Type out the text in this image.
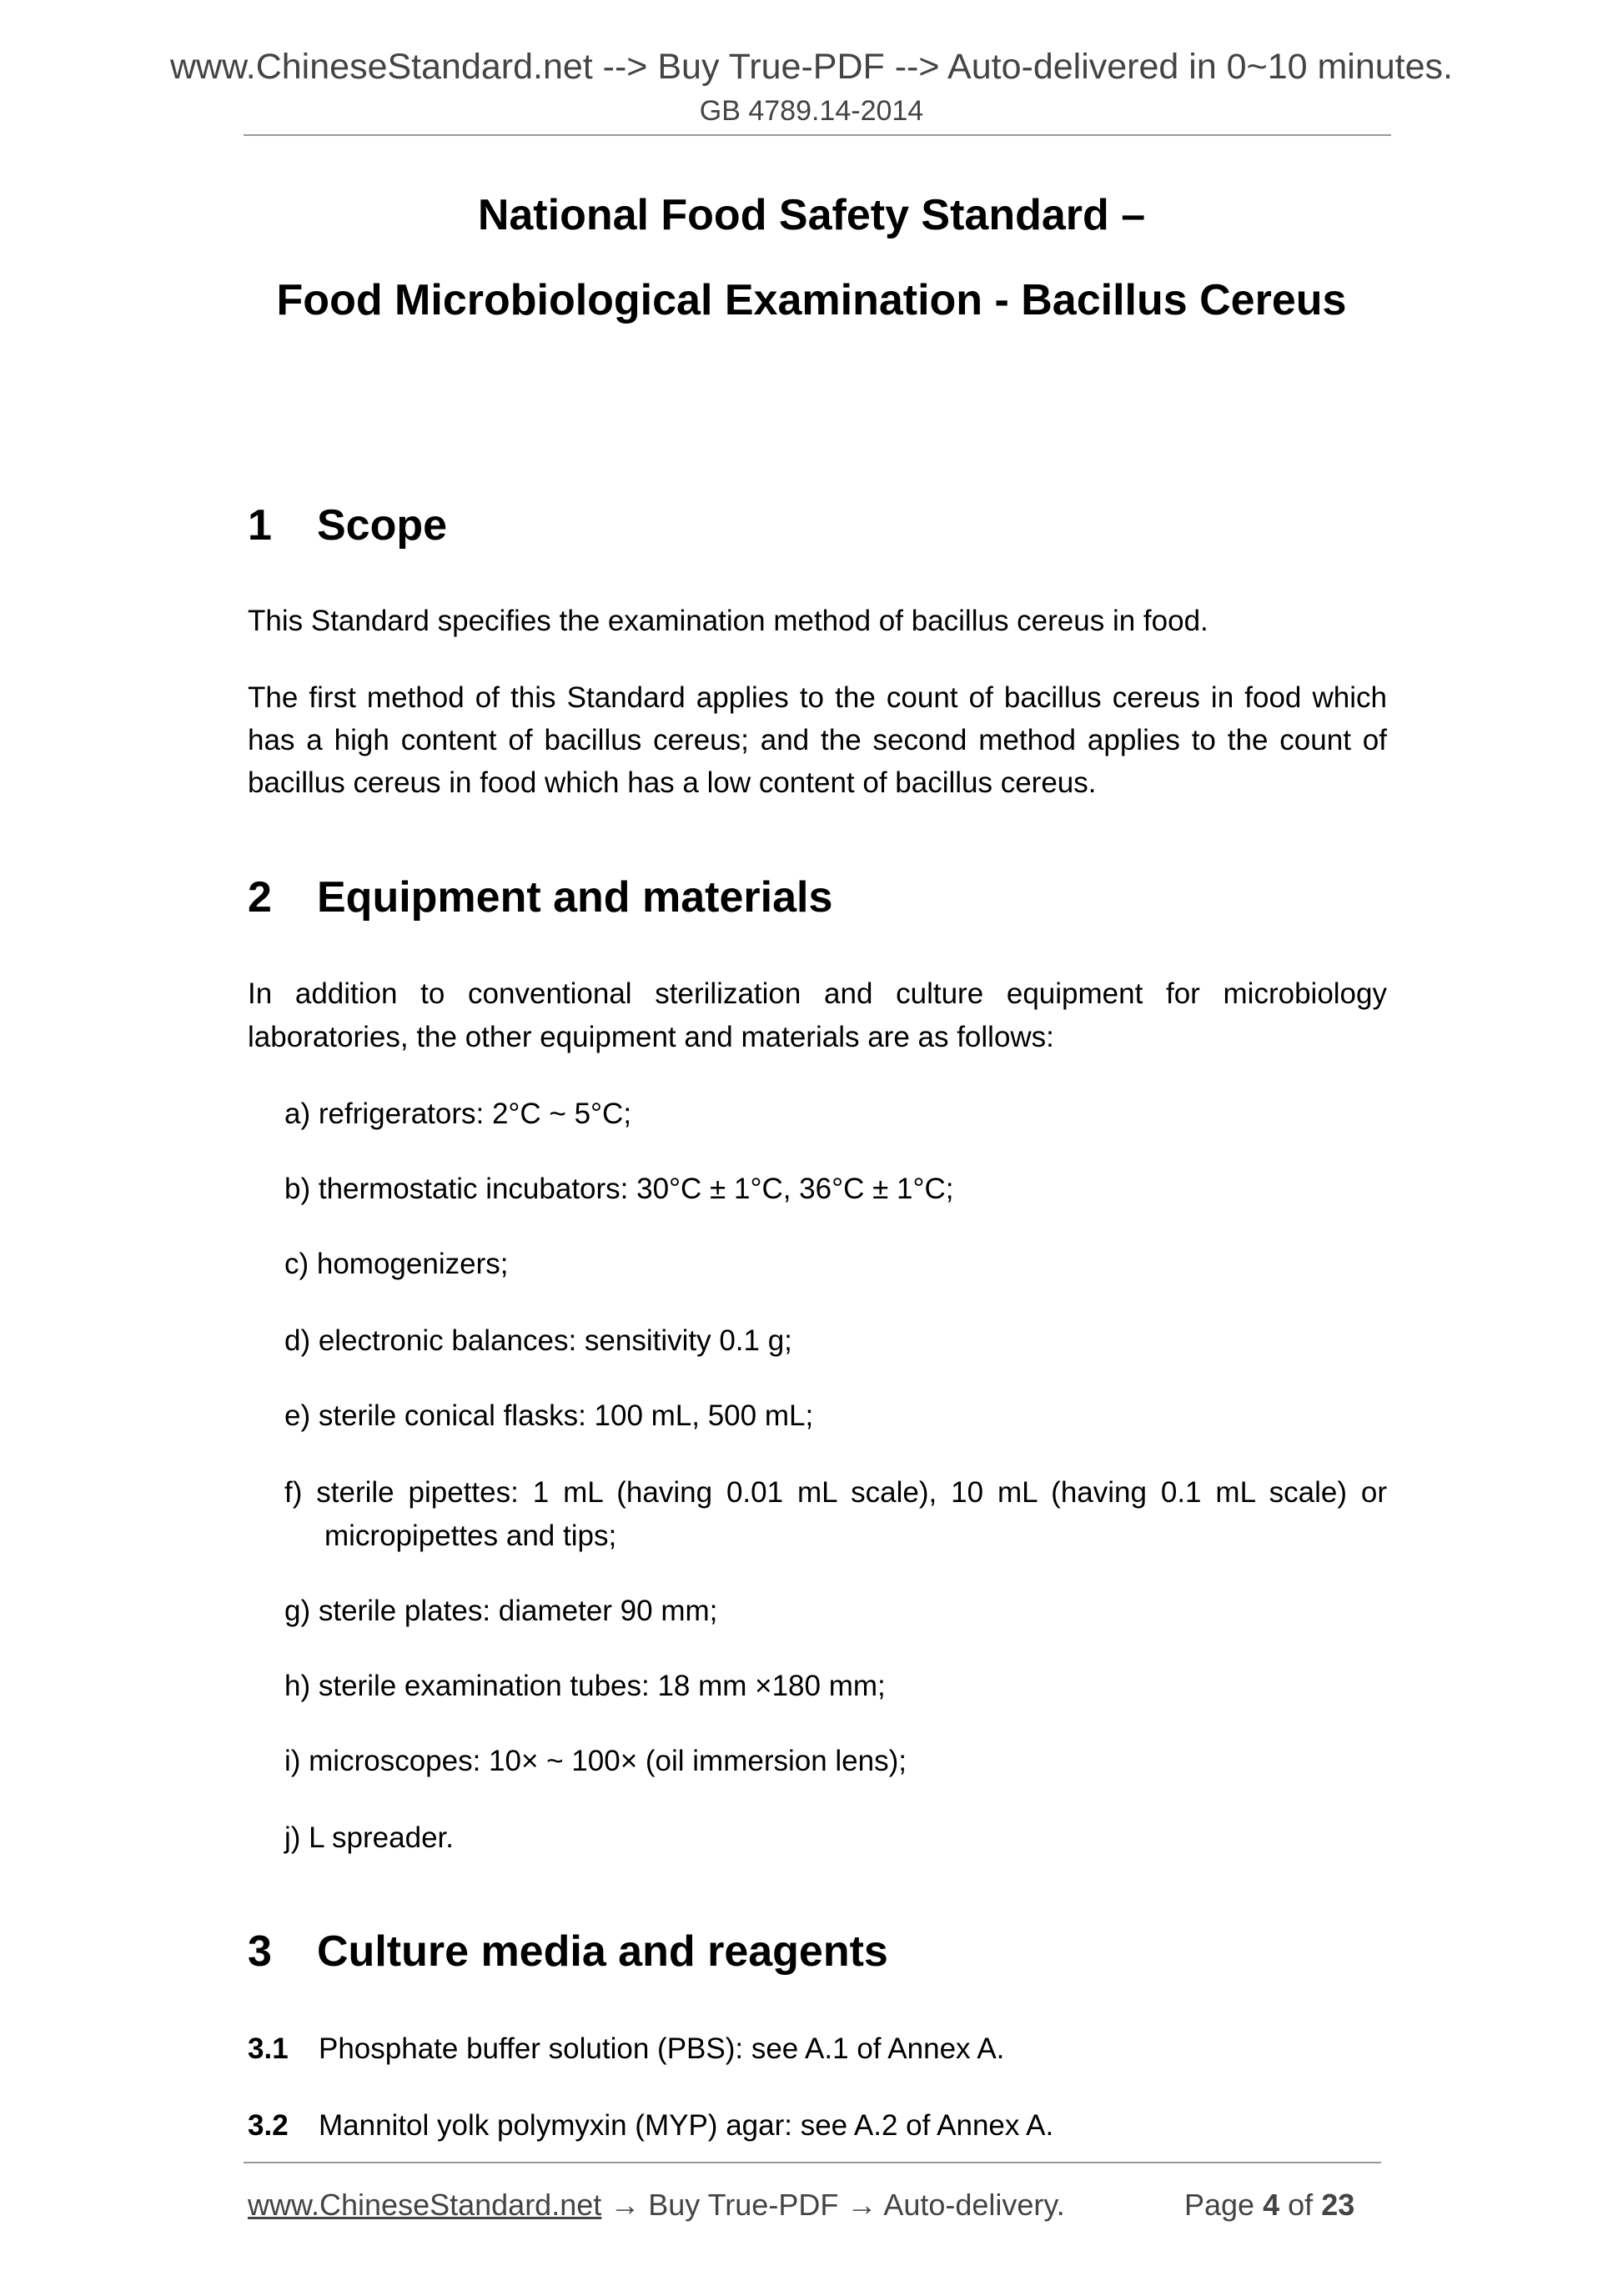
www.ChineseStandard.net --> Buy True-PDF --> Auto-delivered in 0~10 minutes.
GB 4789.14-2014
National Food Safety Standard –
Food Microbiological Examination - Bacillus Cereus
1 Scope
This Standard specifies the examination method of bacillus cereus in food.
The first method of this Standard applies to the count of bacillus cereus in food which has a high content of bacillus cereus; and the second method applies to the count of bacillus cereus in food which has a low content of bacillus cereus.
2 Equipment and materials
In addition to conventional sterilization and culture equipment for microbiology laboratories, the other equipment and materials are as follows:
a) refrigerators: 2°C ~ 5°C;
b) thermostatic incubators: 30°C ± 1°C, 36°C ± 1°C;
c) homogenizers;
d) electronic balances: sensitivity 0.1 g;
e) sterile conical flasks: 100 mL, 500 mL;
f) sterile pipettes: 1 mL (having 0.01 mL scale), 10 mL (having 0.1 mL scale) or
micropipettes and tips;
g) sterile plates: diameter 90 mm;
h) sterile examination tubes: 18 mm ×180 mm;
i) microscopes: 10× ~ 100× (oil immersion lens);
j) L spreader.
3 Culture media and reagents
3.1 Phosphate buffer solution (PBS): see A.1 of Annex A.
3.2 Mannitol yolk polymyxin (MYP) agar: see A.2 of Annex A.
www.ChineseStandard.net → Buy True-PDF → Auto-delivery.	Page 4 of 23
